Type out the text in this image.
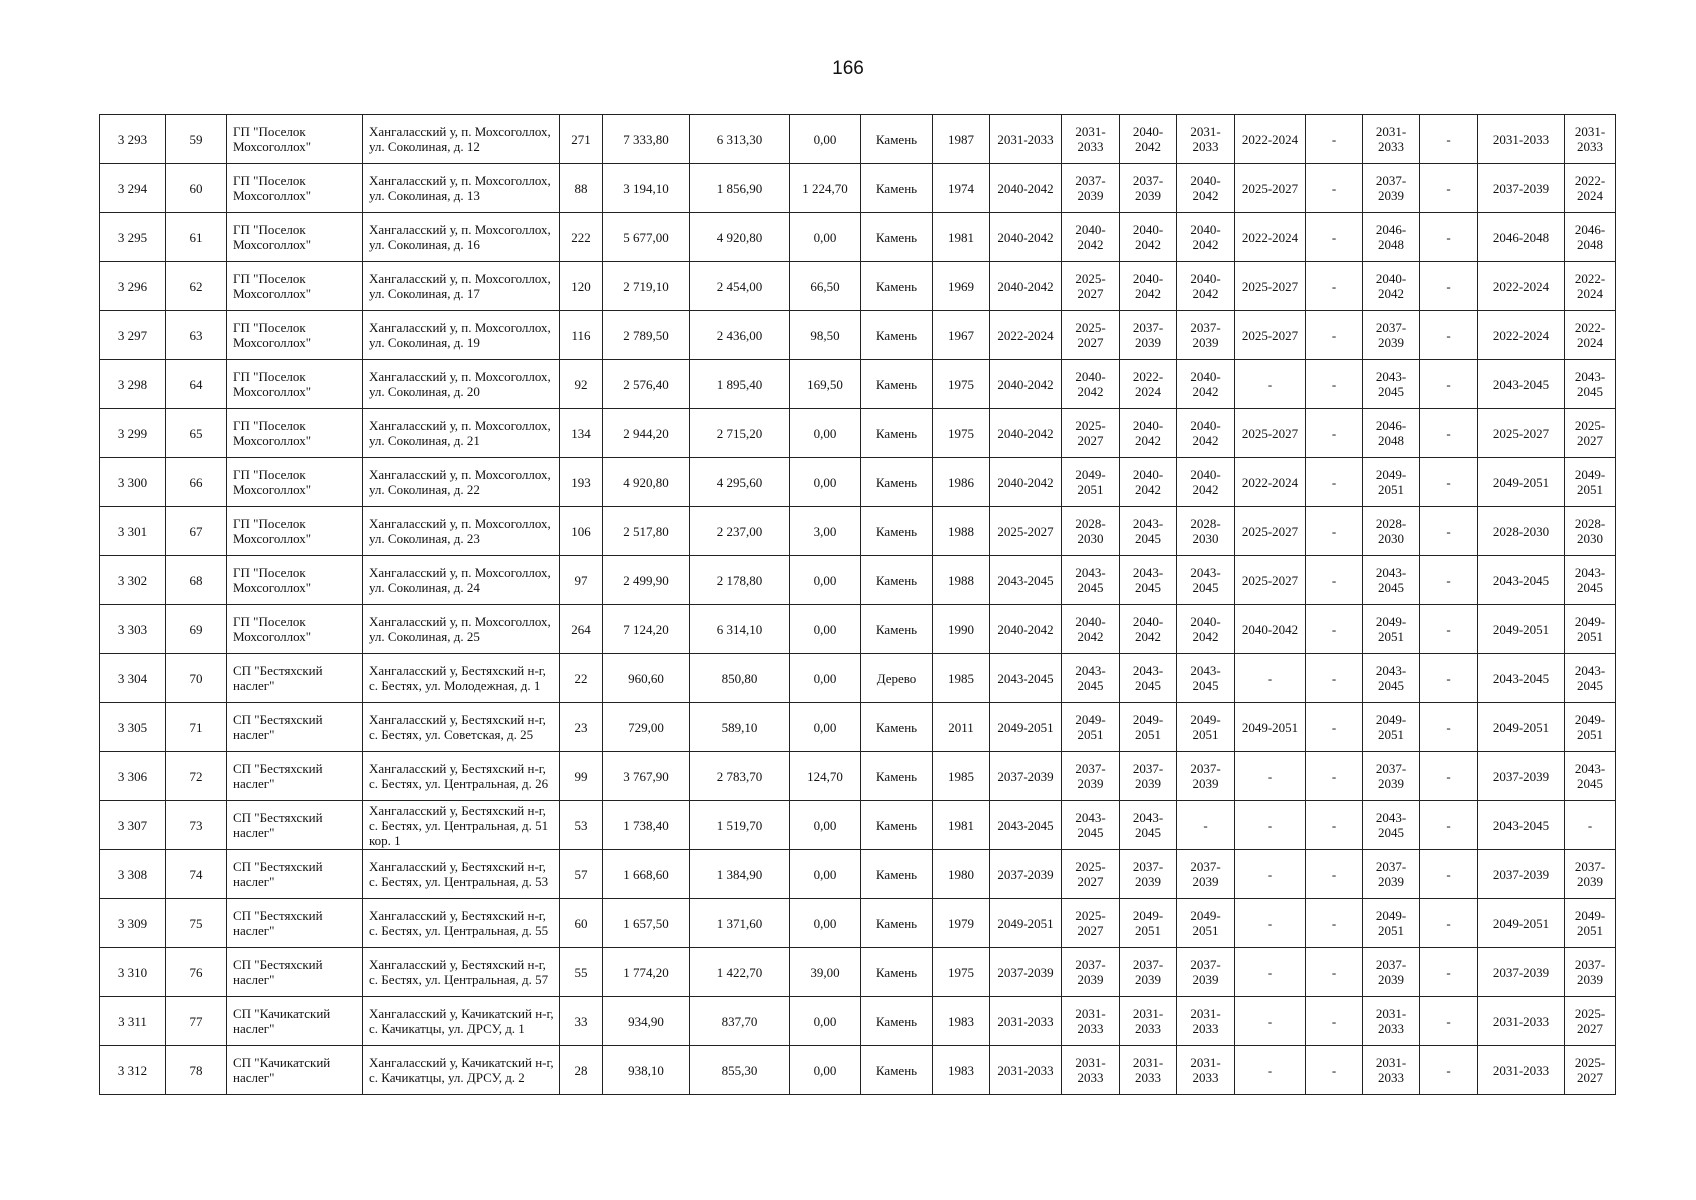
166
3 293	59	ГП "Поселок Мохсоголлох"	Хангаласский у, п. Мохсоголлох, ул. Соколиная, д. 12	271	7 333,80	6 313,30	0,00	Камень	1987	2031-2033	2031-2033	2040-2042	2031-2033	2022-2024	-	2031-2033	-	2031-2033	2031-2033
3 294	60	ГП "Поселок Мохсоголлох"	Хангаласский у, п. Мохсоголлох, ул. Соколиная, д. 13	88	3 194,10	1 856,90	1 224,70	Камень	1974	2040-2042	2037-2039	2037-2039	2040-2042	2025-2027	-	2037-2039	-	2037-2039	2022-2024
3 295	61	ГП "Поселок Мохсоголлох"	Хангаласский у, п. Мохсоголлох, ул. Соколиная, д. 16	222	5 677,00	4 920,80	0,00	Камень	1981	2040-2042	2040-2042	2040-2042	2040-2042	2022-2024	-	2046-2048	-	2046-2048	2046-2048
3 296	62	ГП "Поселок Мохсоголлох"	Хангаласский у, п. Мохсоголлох, ул. Соколиная, д. 17	120	2 719,10	2 454,00	66,50	Камень	1969	2040-2042	2025-2027	2040-2042	2040-2042	2025-2027	-	2040-2042	-	2022-2024	2022-2024
3 297	63	ГП "Поселок Мохсоголлох"	Хангаласский у, п. Мохсоголлох, ул. Соколиная, д. 19	116	2 789,50	2 436,00	98,50	Камень	1967	2022-2024	2025-2027	2037-2039	2037-2039	2025-2027	-	2037-2039	-	2022-2024	2022-2024
3 298	64	ГП "Поселок Мохсоголлох"	Хангаласский у, п. Мохсоголлох, ул. Соколиная, д. 20	92	2 576,40	1 895,40	169,50	Камень	1975	2040-2042	2040-2042	2022-2024	2040-2042	-	-	2043-2045	-	2043-2045	2043-2045
3 299	65	ГП "Поселок Мохсоголлох"	Хангаласский у, п. Мохсоголлох, ул. Соколиная, д. 21	134	2 944,20	2 715,20	0,00	Камень	1975	2040-2042	2025-2027	2040-2042	2040-2042	2025-2027	-	2046-2048	-	2025-2027	2025-2027
3 300	66	ГП "Поселок Мохсоголлох"	Хангаласский у, п. Мохсоголлох, ул. Соколиная, д. 22	193	4 920,80	4 295,60	0,00	Камень	1986	2040-2042	2049-2051	2040-2042	2040-2042	2022-2024	-	2049-2051	-	2049-2051	2049-2051
3 301	67	ГП "Поселок Мохсоголлох"	Хангаласский у, п. Мохсоголлох, ул. Соколиная, д. 23	106	2 517,80	2 237,00	3,00	Камень	1988	2025-2027	2028-2030	2043-2045	2028-2030	2025-2027	-	2028-2030	-	2028-2030	2028-2030
3 302	68	ГП "Поселок Мохсоголлох"	Хангаласский у, п. Мохсоголлох, ул. Соколиная, д. 24	97	2 499,90	2 178,80	0,00	Камень	1988	2043-2045	2043-2045	2043-2045	2043-2045	2025-2027	-	2043-2045	-	2043-2045	2043-2045
3 303	69	ГП "Поселок Мохсоголлох"	Хангаласский у, п. Мохсоголлох, ул. Соколиная, д. 25	264	7 124,20	6 314,10	0,00	Камень	1990	2040-2042	2040-2042	2040-2042	2040-2042	2040-2042	-	2049-2051	-	2049-2051	2049-2051
3 304	70	СП "Бестяхский наслег"	Хангаласский у, Бестяхский н-г, с. Бестях, ул. Молодежная, д. 1	22	960,60	850,80	0,00	Дерево	1985	2043-2045	2043-2045	2043-2045	2043-2045	-	-	2043-2045	-	2043-2045	2043-2045
3 305	71	СП "Бестяхский наслег"	Хангаласский у, Бестяхский н-г, с. Бестях, ул. Советская, д. 25	23	729,00	589,10	0,00	Камень	2011	2049-2051	2049-2051	2049-2051	2049-2051	2049-2051	-	2049-2051	-	2049-2051	2049-2051
3 306	72	СП "Бестяхский наслег"	Хангаласский у, Бестяхский н-г, с. Бестях, ул. Центральная, д. 26	99	3 767,90	2 783,70	124,70	Камень	1985	2037-2039	2037-2039	2037-2039	2037-2039	-	-	2037-2039	-	2037-2039	2043-2045
3 307	73	СП "Бестяхский наслег"	Хангаласский у, Бестяхский н-г, с. Бестях, ул. Центральная, д. 51 кор. 1	53	1 738,40	1 519,70	0,00	Камень	1981	2043-2045	2043-2045	2043-2045	-	-	-	2043-2045	-	2043-2045	-
3 308	74	СП "Бестяхский наслег"	Хангаласский у, Бестяхский н-г, с. Бестях, ул. Центральная, д. 53	57	1 668,60	1 384,90	0,00	Камень	1980	2037-2039	2025-2027	2037-2039	2037-2039	-	-	2037-2039	-	2037-2039	2037-2039
3 309	75	СП "Бестяхский наслег"	Хангаласский у, Бестяхский н-г, с. Бестях, ул. Центральная, д. 55	60	1 657,50	1 371,60	0,00	Камень	1979	2049-2051	2025-2027	2049-2051	2049-2051	-	-	2049-2051	-	2049-2051	2049-2051
3 310	76	СП "Бестяхский наслег"	Хангаласский у, Бестяхский н-г, с. Бестях, ул. Центральная, д. 57	55	1 774,20	1 422,70	39,00	Камень	1975	2037-2039	2037-2039	2037-2039	2037-2039	-	-	2037-2039	-	2037-2039	2037-2039
3 311	77	СП "Качикатский наслег"	Хангаласский у, Качикатский н-г, с. Качикатцы, ул. ДРСУ, д. 1	33	934,90	837,70	0,00	Камень	1983	2031-2033	2031-2033	2031-2033	2031-2033	-	-	2031-2033	-	2031-2033	2025-2027
3 312	78	СП "Качикатский наслег"	Хангаласский у, Качикатский н-г, с. Качикатцы, ул. ДРСУ, д. 2	28	938,10	855,30	0,00	Камень	1983	2031-2033	2031-2033	2031-2033	2031-2033	-	-	2031-2033	-	2031-2033	2025-2027
